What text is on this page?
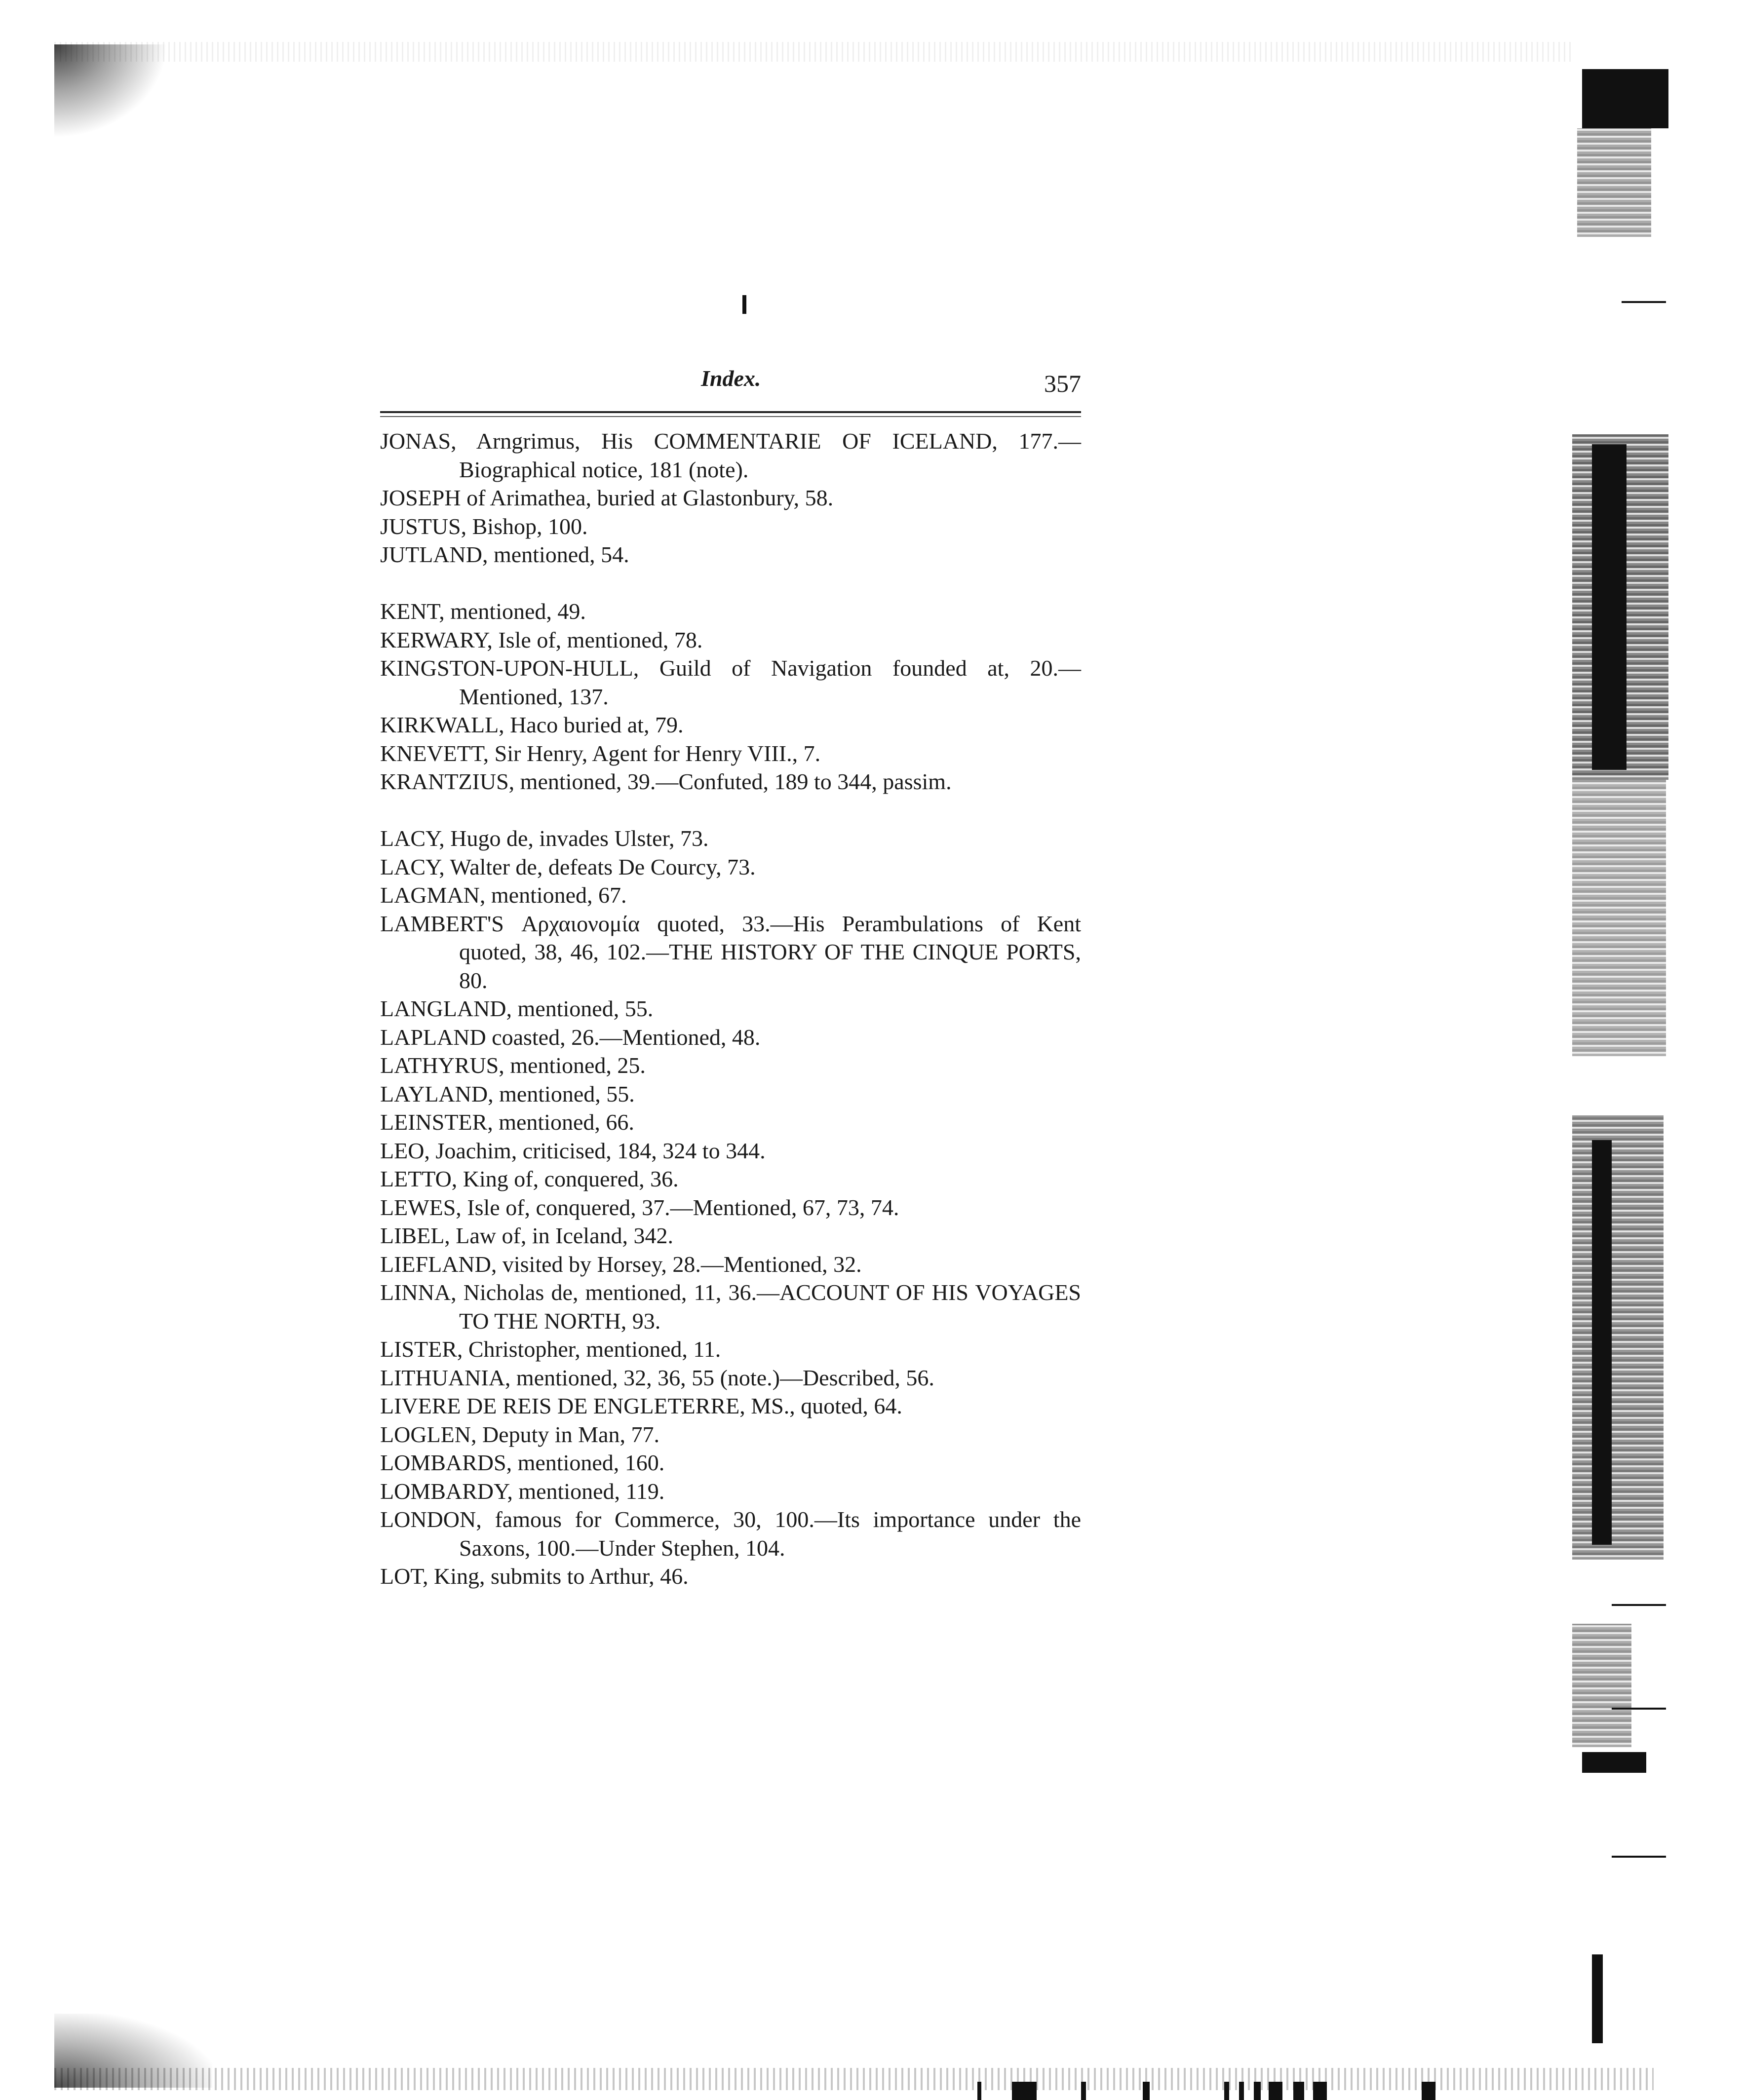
Index.	357
JONAS, Arngrimus, His COMMENTARIE OF ICELAND, 177.—Biographical notice, 181 (note).
JOSEPH of Arimathea, buried at Glastonbury, 58.
JUSTUS, Bishop, 100.
JUTLAND, mentioned, 54.
KENT, mentioned, 49.
KERWARY, Isle of, mentioned, 78.
KINGSTON-UPON-HULL, Guild of Navigation founded at, 20.—Mentioned, 137.
KIRKWALL, Haco buried at, 79.
KNEVETT, Sir Henry, Agent for Henry VIII., 7.
KRANTZIUS, mentioned, 39.—Confuted, 189 to 344, passim.
LACY, Hugo de, invades Ulster, 73.
LACY, Walter de, defeats De Courcy, 73.
LAGMAN, mentioned, 67.
LAMBERT'S Αρχαιονομία quoted, 33.—His Perambulations of Kent quoted, 38, 46, 102.—THE HISTORY OF THE CINQUE PORTS, 80.
LANGLAND, mentioned, 55.
LAPLAND coasted, 26.—Mentioned, 48.
LATHYRUS, mentioned, 25.
LAYLAND, mentioned, 55.
LEINSTER, mentioned, 66.
LEO, Joachim, criticised, 184, 324 to 344.
LETTO, King of, conquered, 36.
LEWES, Isle of, conquered, 37.—Mentioned, 67, 73, 74.
LIBEL, Law of, in Iceland, 342.
LIEFLAND, visited by Horsey, 28.—Mentioned, 32.
LINNA, Nicholas de, mentioned, 11, 36.—ACCOUNT OF HIS VOYAGES TO THE NORTH, 93.
LISTER, Christopher, mentioned, 11.
LITHUANIA, mentioned, 32, 36, 55 (note.)—Described, 56.
LIVERE DE REIS DE ENGLETERRE, MS., quoted, 64.
LOGLEN, Deputy in Man, 77.
LOMBARDS, mentioned, 160.
LOMBARDY, mentioned, 119.
LONDON, famous for Commerce, 30, 100.—Its importance under the Saxons, 100.—Under Stephen, 104.
LOT, King, submits to Arthur, 46.
